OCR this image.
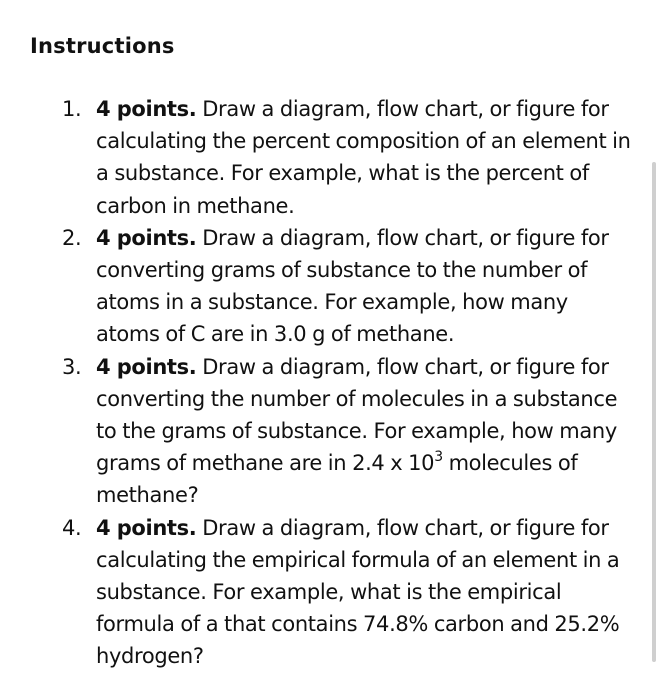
Instructions
1. 4 points. Draw a diagram, flow chart, or figure for calculating the percent composition of an element in a substance. For example, what is the percent of carbon in methane.
2. 4 points. Draw a diagram, flow chart, or figure for converting grams of substance to the number of atoms in a substance. For example, how many atoms of C are in 3.0 g of methane.
3. 4 points. Draw a diagram, flow chart, or figure for converting the number of molecules in a substance to the grams of substance. For example, how many grams of methane are in 2.4 x $10^3$ molecules of methane?
4. 4 points. Draw a diagram, flow chart, or figure for calculating the empirical formula of an element in a substance. For example, what is the empirical formula of a that contains 74.8% carbon and 25.2% hydrogen?
